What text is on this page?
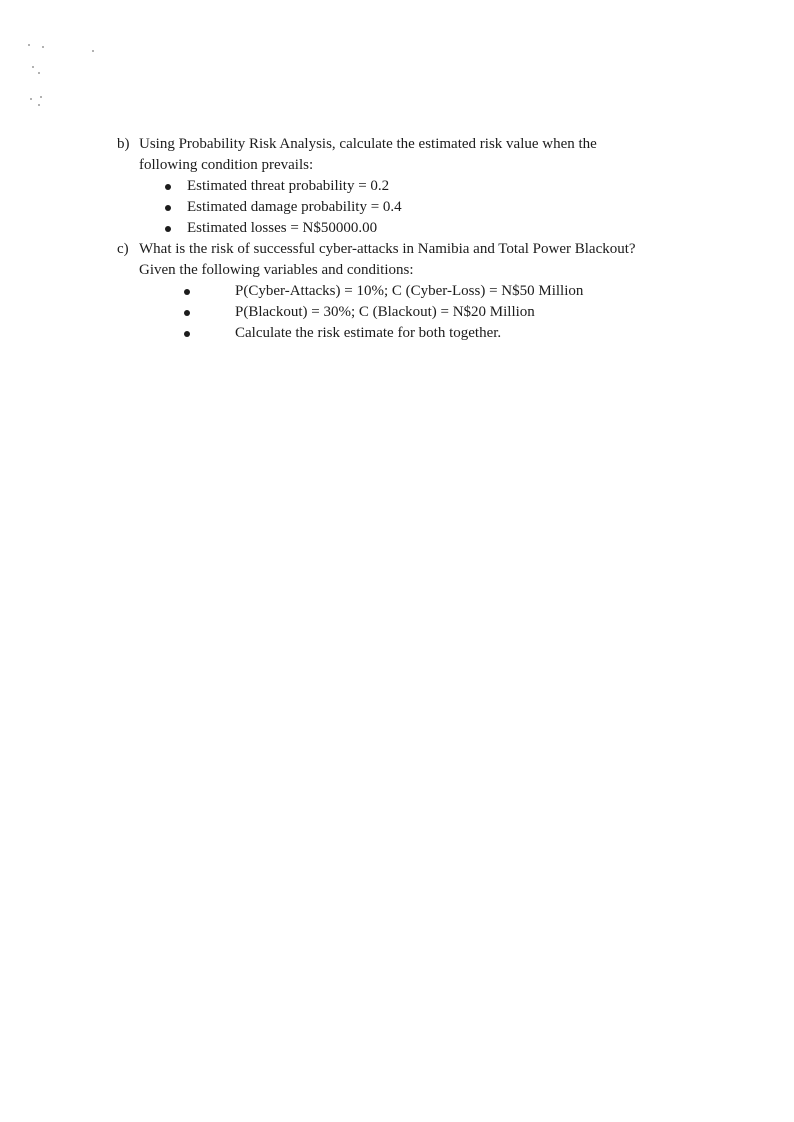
b) Using Probability Risk Analysis, calculate the estimated risk value when the
following condition prevails:
Estimated threat probability = 0.2
Estimated damage probability = 0.4
Estimated losses = N$50000.00
c) What is the risk of successful cyber-attacks in Namibia and Total Power Blackout?
Given the following variables and conditions:
P(Cyber-Attacks) = 10%; C (Cyber-Loss) = N$50 Million
P(Blackout) = 30%; C (Blackout) = N$20 Million
Calculate the risk estimate for both together.
